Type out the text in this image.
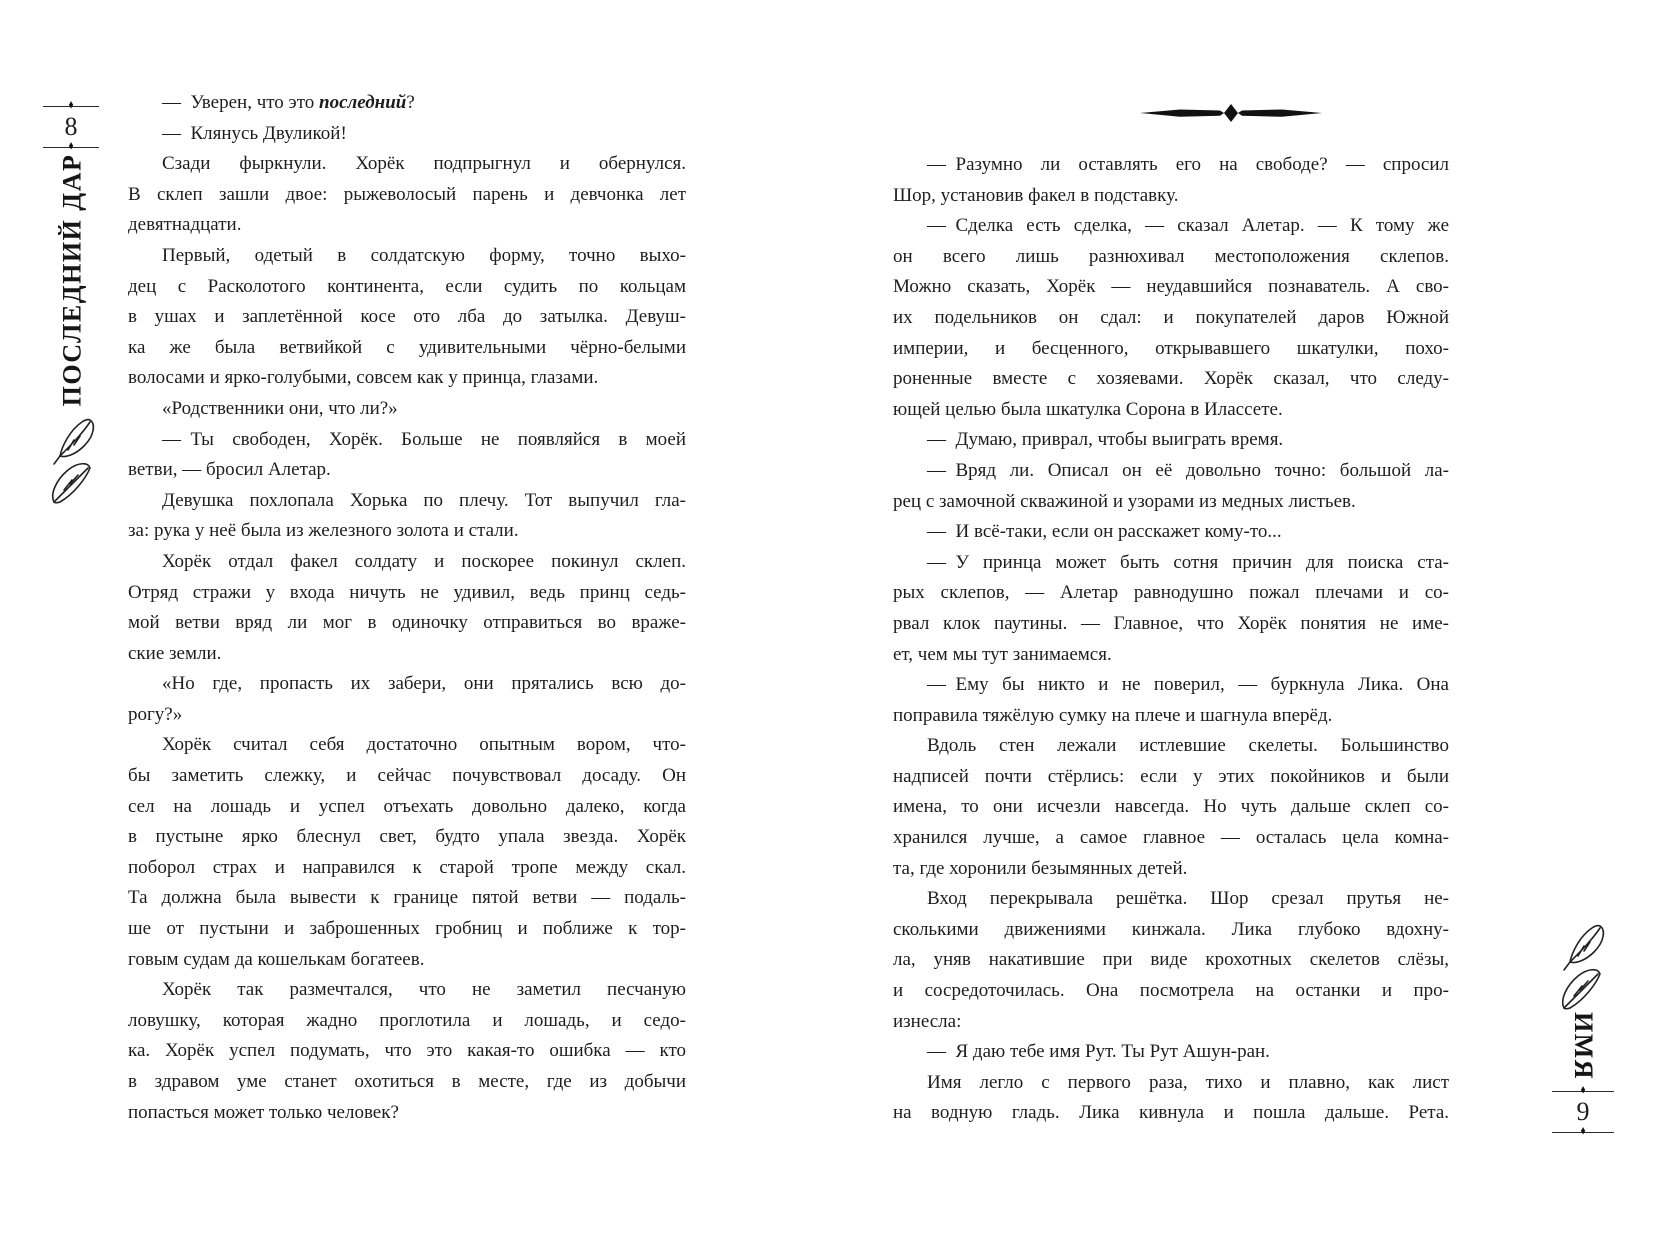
♦
8
♦
ПОСЛЕДНИЙ ДАР
— Уверен, что это последний?
— Клянусь Двуликой!
Сзади фыркнули. Хорёк подпрыгнул и обернулся.
В склеп зашли двое: рыжеволосый парень и девчонка лет
девятнадцати.
Первый, одетый в солдатскую форму, точно выхо-
дец с Расколотого континента, если судить по кольцам
в ушах и заплетённой косе ото лба до затылка. Девуш-
ка же была ветвийкой с удивительными чёрно-белыми
волосами и ярко-голубыми, совсем как у принца, глазами.
«Родственники они, что ли?»
— Ты свободен, Хорёк. Больше не появляйся в моей
ветви, — бросил Алетар.
Девушка похлопала Хорька по плечу. Тот выпучил гла-
за: рука у неё была из железного золота и стали.
Хорёк отдал факел солдату и поскорее покинул склеп.
Отряд стражи у входа ничуть не удивил, ведь принц седь-
мой ветви вряд ли мог в одиночку отправиться во враже-
ские земли.
«Но где, пропасть их забери, они прятались всю до-
рогу?»
Хорёк считал себя достаточно опытным вором, что-
бы заметить слежку, и сейчас почувствовал досаду. Он
сел на лошадь и успел отъехать довольно далеко, когда
в пустыне ярко блеснул свет, будто упала звезда. Хорёк
поборол страх и направился к старой тропе между скал.
Та должна была вывести к границе пятой ветви — подаль-
ше от пустыни и заброшенных гробниц и поближе к тор-
говым судам да кошелькам богатеев.
Хорёк так размечтался, что не заметил песчаную
ловушку, которая жадно проглотила и лошадь, и седо-
ка. Хорёк успел подумать, что это какая-то ошибка — кто
в здравом уме станет охотиться в месте, где из добычи
попасться может только человек?
— Разумно ли оставлять его на свободе? — спросил
Шор, установив факел в подставку.
— Сделка есть сделка, — сказал Алетар. — К тому же
он всего лишь разнюхивал местоположения склепов.
Можно сказать, Хорёк — неудавшийся познаватель. А сво-
их подельников он сдал: и покупателей даров Южной
империи, и бесценного, открывавшего шкатулки, похо-
роненные вместе с хозяевами. Хорёк сказал, что следу-
ющей целью была шкатулка Сорона в Илассете.
— Думаю, приврал, чтобы выиграть время.
— Вряд ли. Описал он её довольно точно: большой ла-
рец с замочной скважиной и узорами из медных листьев.
— И всё-таки, если он расскажет кому-то...
— У принца может быть сотня причин для поиска ста-
рых склепов, — Алетар равнодушно пожал плечами и со-
рвал клок паутины. — Главное, что Хорёк понятия не име-
ет, чем мы тут занимаемся.
— Ему бы никто и не поверил, — буркнула Лика. Она
поправила тяжёлую сумку на плече и шагнула вперёд.
Вдоль стен лежали истлевшие скелеты. Большинство
надписей почти стёрлись: если у этих покойников и были
имена, то они исчезли навсегда. Но чуть дальше склеп со-
хранился лучше, а самое главное — осталась цела комна-
та, где хоронили безымянных детей.
Вход перекрывала решётка. Шор срезал прутья не-
сколькими движениями кинжала. Лика глубоко вдохну-
ла, уняв накатившие при виде крохотных скелетов слёзы,
и сосредоточилась. Она посмотрела на останки и про-
изнесла:
— Я даю тебе имя Рут. Ты Рут Ашун-ран.
Имя легло с первого раза, тихо и плавно, как лист
на водную гладь. Лика кивнула и пошла дальше. Рета.
ИМЯ
♦
9
♦
